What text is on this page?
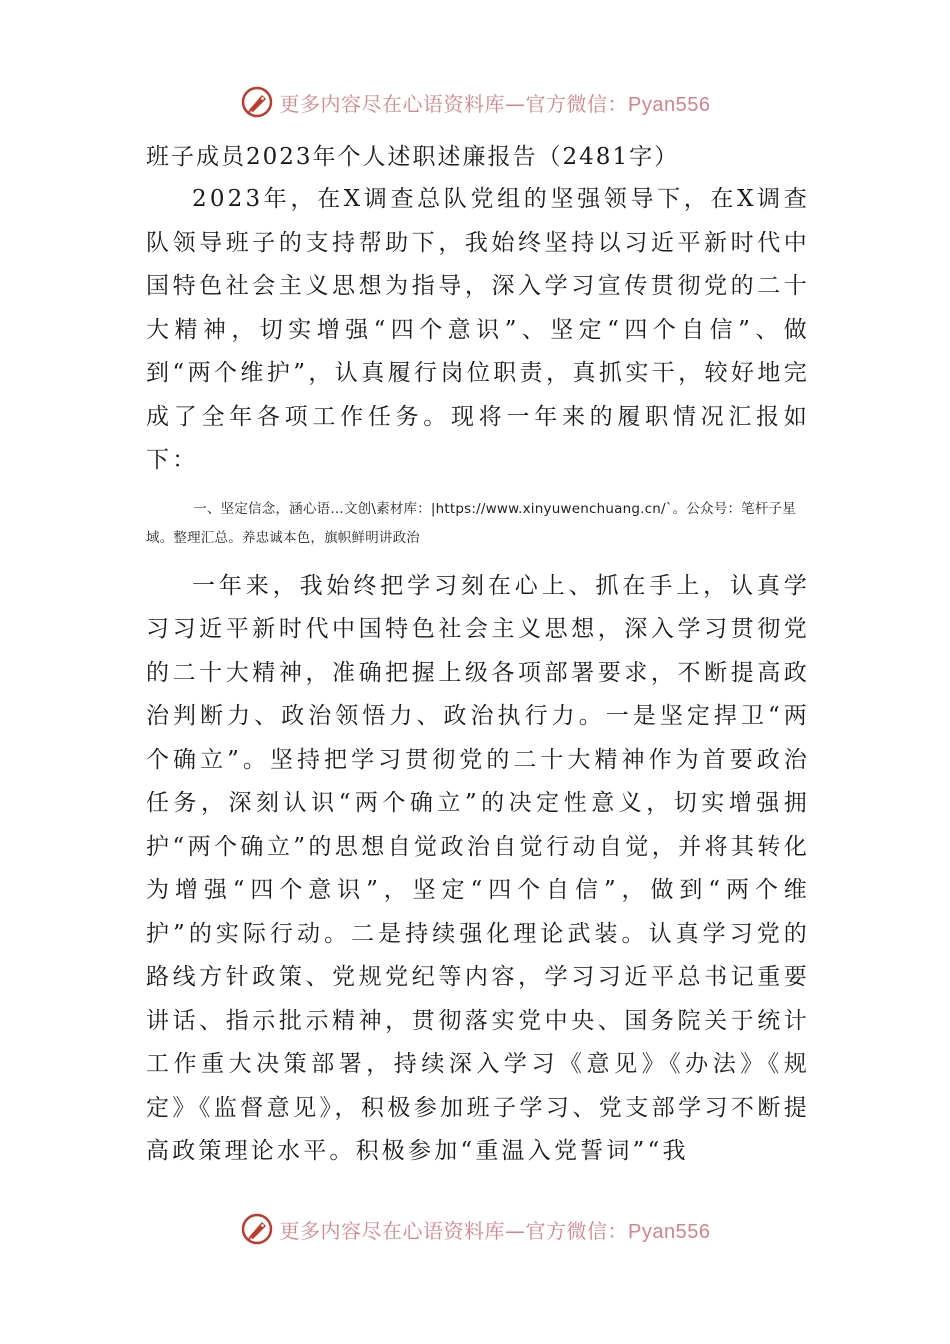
更多内容尽在心语资料库—官方微信：Pyan556

班子成员2023年个人述职述廉报告（2481字）

2023年，在X调查总队党组的坚强领导下，在X调查队领导班子的支持帮助下，我始终坚持以习近平新时代中国特色社会主义思想为指导，深入学习宣传贯彻党的二十大精神，切实增强“四个意识”、坚定“四个自信”、做到“两个维护”，认真履行岗位职责，真抓实干，较好地完成了全年各项工作任务。现将一年来的履职情况汇报如下：

一、坚定信念，涵心语…文创\素材库：|https://www.xinyuwenchuang.cn/`。公众号：笔杆子星域。整理汇总。养忠诚本色，旗帜鲜明讲政治

一年来，我始终把学习刻在心上、抓在手上，认真学习习近平新时代中国特色社会主义思想，深入学习贯彻党的二十大精神，准确把握上级各项部署要求，不断提高政治判断力、政治领悟力、政治执行力。一是坚定捍卫“两个确立”。坚持把学习贯彻党的二十大精神作为首要政治任务，深刻认识“两个确立”的决定性意义，切实增强拥护“两个确立”的思想自觉政治自觉行动自觉，并将其转化为增强“四个意识”，坚定“四个自信”，做到“两个维护”的实际行动。二是持续强化理论武装。认真学习党的路线方针政策、党规党纪等内容，学习习近平总书记重要讲话、指示批示精神，贯彻落实党中央、国务院关于统计工作重大决策部署，持续深入学习《意见》《办法》《规定》《监督意见》，积极参加班子学习、党支部学习不断提高政策理论水平。积极参加“重温入党誓词”“我

更多内容尽在心语资料库—官方微信：Pyan556
